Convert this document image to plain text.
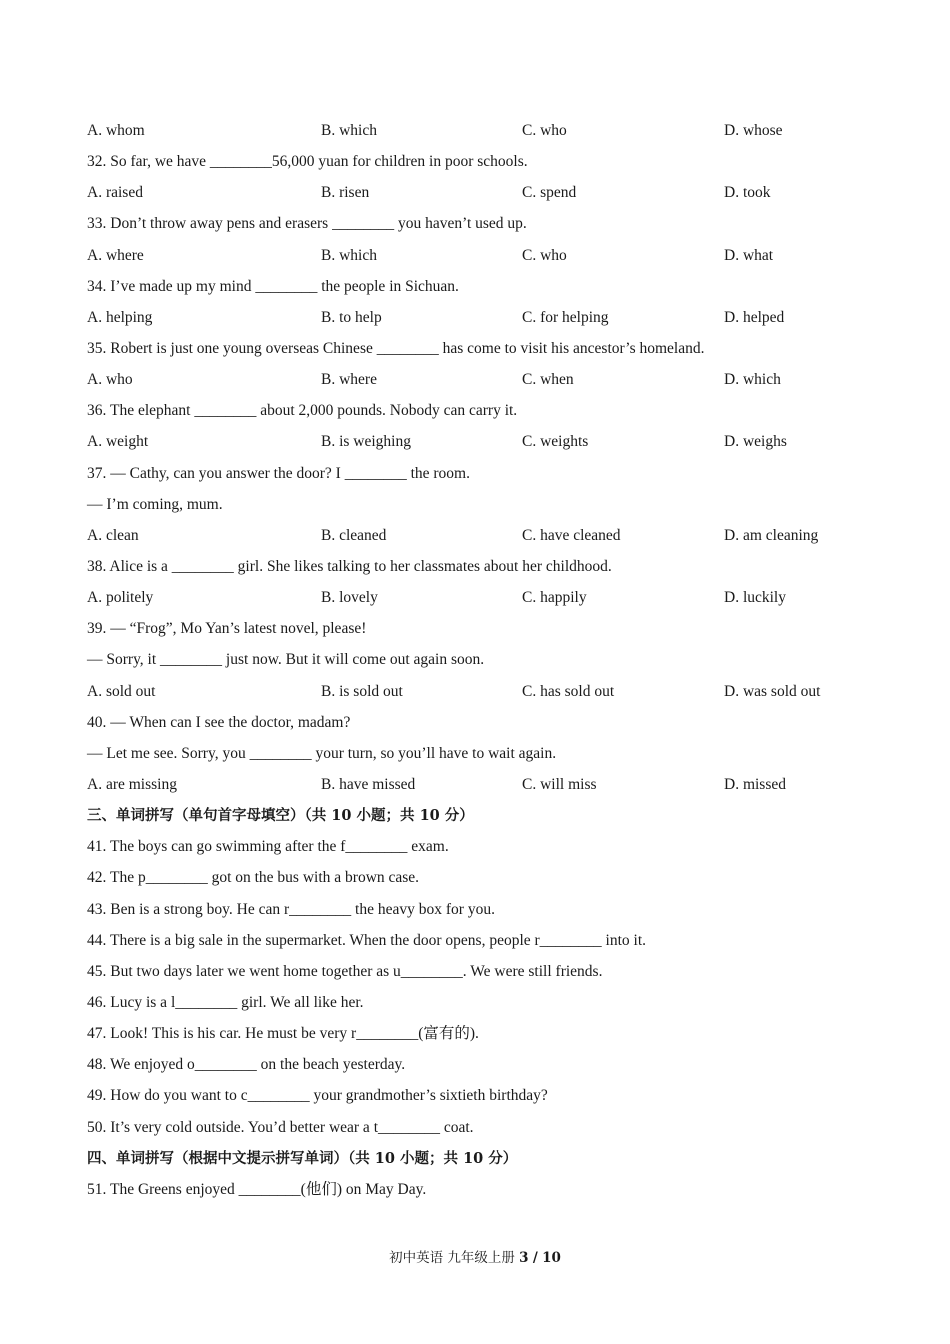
A. whom	B. which	C. who	D. whose
32. So far, we have ________56,000 yuan for children in poor schools.
A. raised	B. risen	C. spend	D. took
33. Don’t throw away pens and erasers ________ you haven’t used up.
A. where	B. which	C. who	D. what
34. I’ve made up my mind ________ the people in Sichuan.
A. helping	B. to help	C. for helping	D. helped
35. Robert is just one young overseas Chinese ________ has come to visit his ancestor’s homeland.
A. who	B. where	C. when	D. which
36. The elephant ________ about 2,000 pounds. Nobody can carry it.
A. weight	B. is weighing	C. weights	D. weighs
37. — Cathy, can you answer the door? I ________ the room.
— I’m coming, mum.
A. clean	B. cleaned	C. have cleaned	D. am cleaning
38. Alice is a ________ girl. She likes talking to her classmates about her childhood.
A. politely	B. lovely	C. happily	D. luckily
39. — “Frog”, Mo Yan’s latest novel, please!
— Sorry, it ________ just now. But it will come out again soon.
A. sold out	B. is sold out	C. has sold out	D. was sold out
40. — When can I see the doctor, madam?
— Let me see. Sorry, you ________ your turn, so you’ll have to wait again.
A. are missing	B. have missed	C. will miss	D. missed
三、单词拼写（单句首字母填空）（共 10 小题；共 10 分）
41. The boys can go swimming after the f________ exam.
42. The p________ got on the bus with a brown case.
43. Ben is a strong boy. He can r________ the heavy box for you.
44. There is a big sale in the supermarket. When the door opens, people r________ into it.
45. But two days later we went home together as u________. We were still friends.
46. Lucy is a l________ girl. We all like her.
47. Look! This is his car. He must be very r________(富有的).
48. We enjoyed o________ on the beach yesterday.
49. How do you want to c________ your grandmother’s sixtieth birthday?
50. It’s very cold outside. You’d better wear a t________ coat.
四、单词拼写（根据中文提示拼写单词）（共 10 小题；共 10 分）
51. The Greens enjoyed ________(他们) on May Day.
初中英语 九年级上册 3 / 10
